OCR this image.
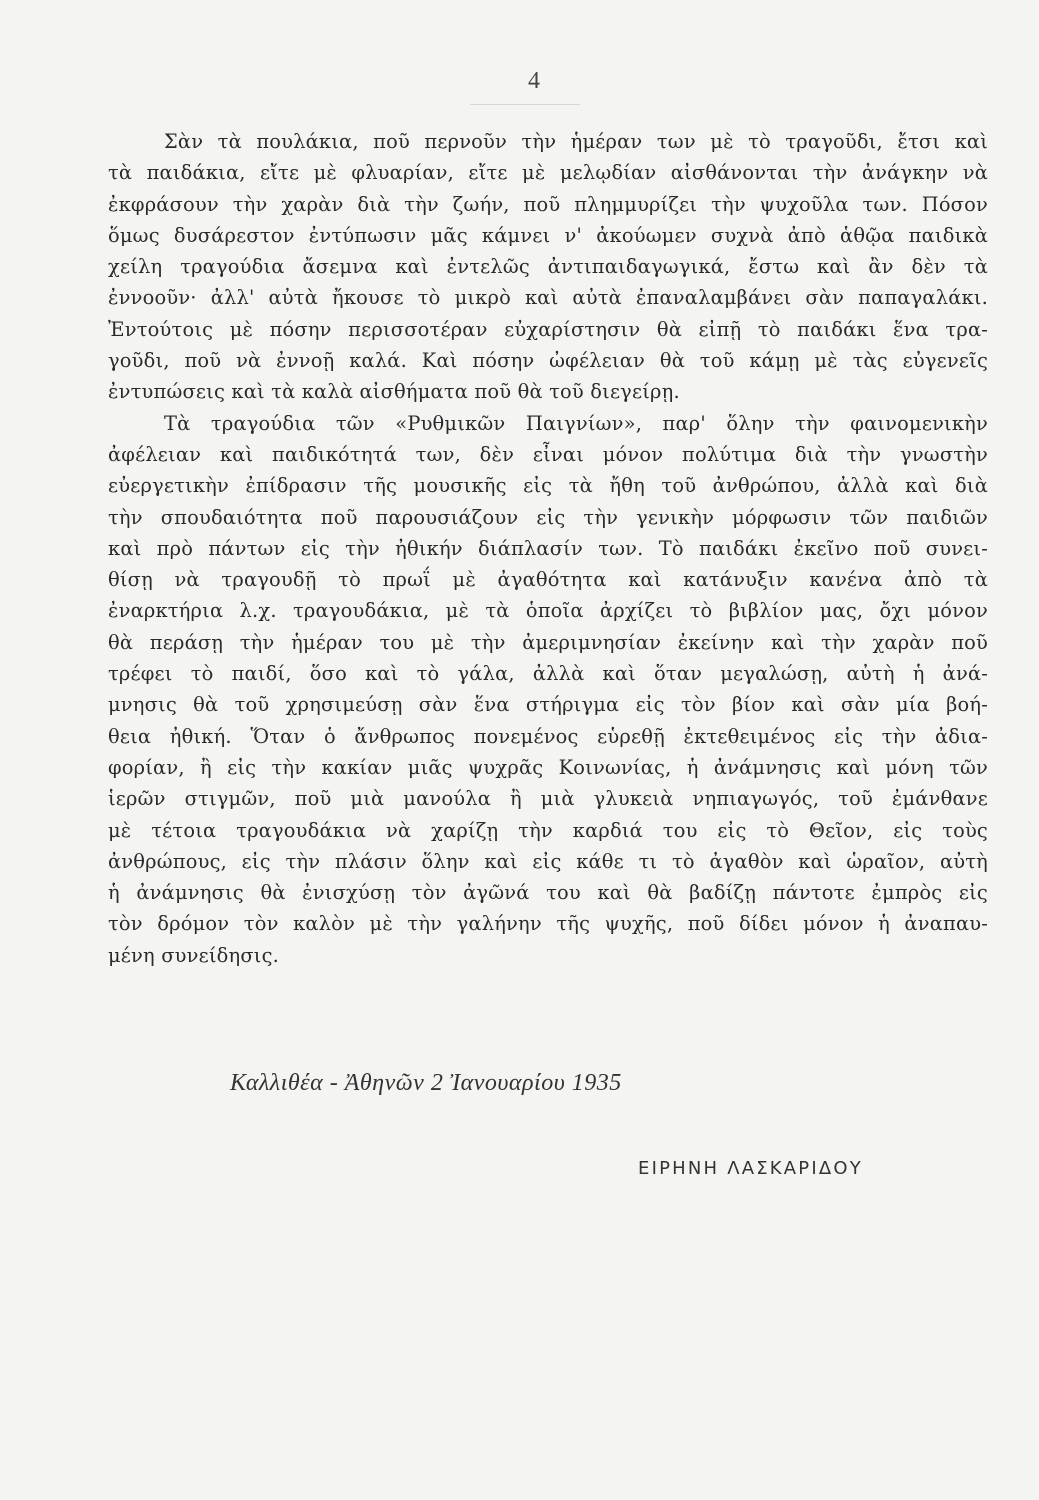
4
Σὰν τὰ πουλάκια, ποῦ περνοῦν τὴν ἡμέραν των μὲ τὸ τραγοῦδι, ἔτσι καὶ
τὰ παιδάκια, εἴτε μὲ φλυαρίαν, εἴτε μὲ μελῳδίαν αἰσθάνονται τὴν ἀνάγκην νὰ
ἐκφράσουν τὴν χαρὰν διὰ τὴν ζωήν, ποῦ πλημμυρίζει τὴν ψυχοῦλα των. Πόσον
ὅμως δυσάρεστον ἐντύπωσιν μᾶς κάμνει ν' ἀκούωμεν συχνὰ ἀπὸ ἁθῷα παιδικὰ
χείλη τραγούδια ἄσεμνα καὶ ἐντελῶς ἀντιπαιδαγωγικά, ἔστω καὶ ἂν δὲν τὰ
ἐννοοῦν· ἀλλ' αὐτὰ ἤκουσε τὸ μικρὸ καὶ αὐτὰ ἐπαναλαμβάνει σὰν παπαγαλάκι.
Ἐντούτοις μὲ πόσην περισσοτέραν εὐχαρίστησιν θὰ εἰπῇ τὸ παιδάκι ἕνα τρα-
γοῦδι, ποῦ νὰ ἐννοῇ καλά. Καὶ πόσην ὠφέλειαν θὰ τοῦ κάμῃ μὲ τὰς εὐγενεῖς
ἐντυπώσεις καὶ τὰ καλὰ αἰσθήματα ποῦ θὰ τοῦ διεγείρῃ.
Τὰ τραγούδια τῶν «Ρυθμικῶν Παιγνίων», παρ' ὅλην τὴν φαινομενικὴν
ἀφέλειαν καὶ παιδικότητά των, δὲν εἶναι μόνον πολύτιμα διὰ τὴν γνωστὴν
εὐεργετικὴν ἐπίδρασιν τῆς μουσικῆς εἰς τὰ ἤθη τοῦ ἀνθρώπου, ἀλλὰ καὶ διὰ
τὴν σπουδαιότητα ποῦ παρουσιάζουν εἰς τὴν γενικὴν μόρφωσιν τῶν παιδιῶν
καὶ πρὸ πάντων εἰς τὴν ἠθικήν διάπλασίν των. Τὸ παιδάκι ἐκεῖνο ποῦ συνει-
θίσῃ νὰ τραγουδῇ τὸ πρωΐ μὲ ἀγαθότητα καὶ κατάνυξιν κανένα ἀπὸ τὰ
ἐναρκτήρια λ.χ. τραγουδάκια, μὲ τὰ ὁποῖα ἀρχίζει τὸ βιβλίον μας, ὄχι μόνον
θὰ περάσῃ τὴν ἡμέραν του μὲ τὴν ἀμεριμνησίαν ἐκείνην καὶ τὴν χαρὰν ποῦ
τρέφει τὸ παιδί, ὅσο καὶ τὸ γάλα, ἀλλὰ καὶ ὅταν μεγαλώσῃ, αὐτὴ ἡ ἀνά-
μνησις θὰ τοῦ χρησιμεύσῃ σὰν ἕνα στήριγμα εἰς τὸν βίον καὶ σὰν μία βοή-
θεια ἠθική. Ὅταν ὁ ἄνθρωπος πονεμένος εὑρεθῇ ἐκτεθειμένος εἰς τὴν ἀδια-
φορίαν, ἢ εἰς τὴν κακίαν μιᾶς ψυχρᾶς Κοινωνίας, ἡ ἀνάμνησις καὶ μόνη τῶν
ἱερῶν στιγμῶν, ποῦ μιὰ μανούλα ἢ μιὰ γλυκειὰ νηπιαγωγός, τοῦ ἐμάνθανε
μὲ τέτοια τραγουδάκια νὰ χαρίζῃ τὴν καρδιά του εἰς τὸ Θεῖον, εἰς τοὺς
ἀνθρώπους, εἰς τὴν πλάσιν ὅλην καὶ εἰς κάθε τι τὸ ἀγαθὸν καὶ ὡραῖον, αὐτὴ
ἡ ἀνάμνησις θὰ ἐνισχύσῃ τὸν ἀγῶνά του καὶ θὰ βαδίζῃ πάντοτε ἐμπρὸς εἰς
τὸν δρόμον τὸν καλὸν μὲ τὴν γαλήνην τῆς ψυχῆς, ποῦ δίδει μόνον ἡ ἀναπαυ-
μένη συνείδησις.
Καλλιθέα - Ἀθηνῶν 2 Ἰανουαρίου 1935
ΕΙΡΗΝΗ ΛΑΣΚΑΡΙΔΟΥ
